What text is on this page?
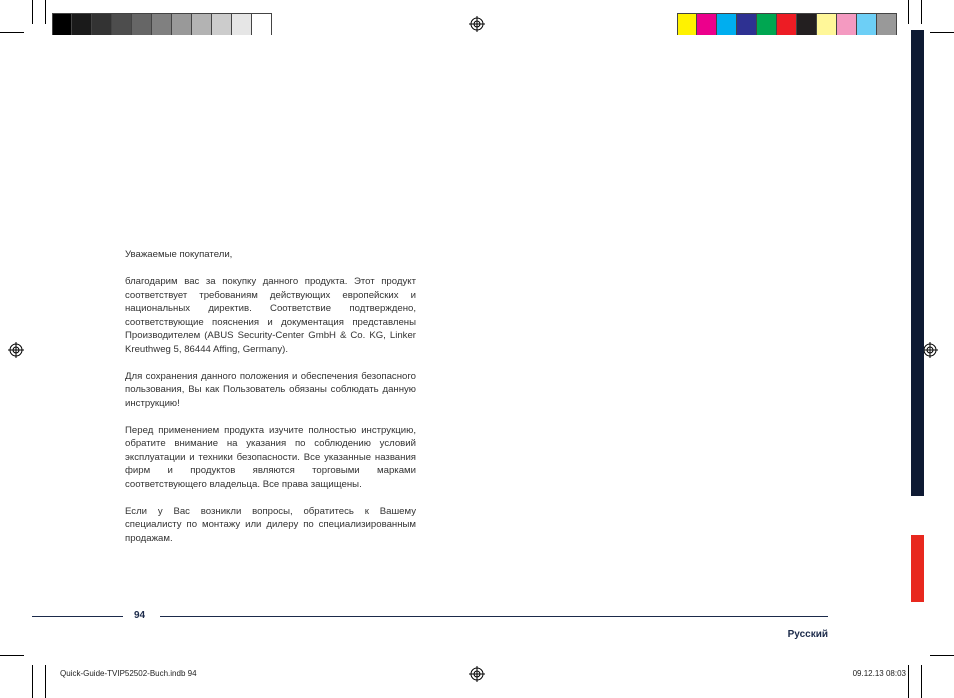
Уважаемые покупатели,

благодарим вас за покупку данного продукта. Этот продукт соответствует требованиям действующих европейских и национальных директив. Соответствие подтверждено, соответствующие пояснения и документация представлены Производителем (ABUS Security-Center GmbH & Co. KG, Linker Kreuthweg 5, 86444 Affing, Germany).

Для сохранения данного положения и обеспечения безопасного пользования, Вы как Пользователь обязаны соблюдать данную инструкцию!

Перед применением продукта изучите полностью инструкцию, обратите внимание на указания по соблюдению условий эксплуатации и техники безопасности. Все указанные названия фирм и продуктов являются торговыми марками соответствующего владельца. Все права защищены.

Если у Вас возникли вопросы, обратитесь к Вашему специалисту по монтажу или дилеру по специализированным продажам.

94
Русский
Quick-Guide-TVIP52502-Buch.indb 94	09.12.13 08:03
